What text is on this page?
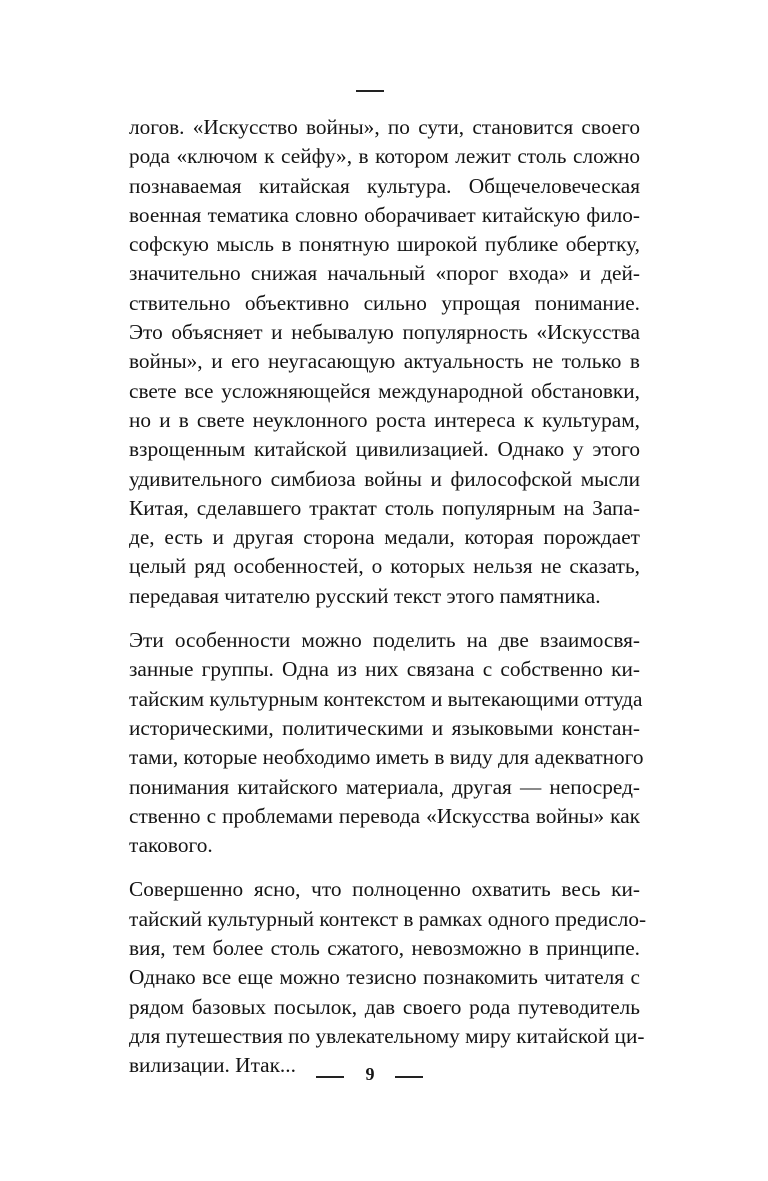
логов. «Искусство войны», по сути, становится своего
рода «ключом к сейфу», в котором лежит столь сложно
познаваемая китайская культура. Общечеловеческая
военная тематика словно оборачивает китайскую фило-
софскую мысль в понятную широкой публике обертку,
значительно снижая начальный «порог входа» и дей-
ствительно объективно сильно упрощая понимание.
Это объясняет и небывалую популярность «Искусства
войны», и его неугасающую актуальность не только в
свете все усложняющейся международной обстановки,
но и в свете неуклонного роста интереса к культурам,
взрощенным китайской цивилизацией. Однако у этого
удивительного симбиоза войны и философской мысли
Китая, сделавшего трактат столь популярным на Запа-
де, есть и другая сторона медали, которая порождает
целый ряд особенностей, о которых нельзя не сказать,
передавая читателю русский текст этого памятника.
Эти особенности можно поделить на две взаимосвя-
занные группы. Одна из них связана с собственно ки-
тайским культурным контекстом и вытекающими оттуда
историческими, политическими и языковыми констан-
тами, которые необходимо иметь в виду для адекватного
понимания китайского материала, другая — непосред-
ственно с проблемами перевода «Искусства войны» как
такового.
Совершенно ясно, что полноценно охватить весь ки-
тайский культурный контекст в рамках одного предисло-
вия, тем более столь сжатого, невозможно в принципе.
Однако все еще можно тезисно познакомить читателя с
рядом базовых посылок, дав своего рода путеводитель
для путешествия по увлекательному миру китайской ци-
вилизации. Итак...	9
